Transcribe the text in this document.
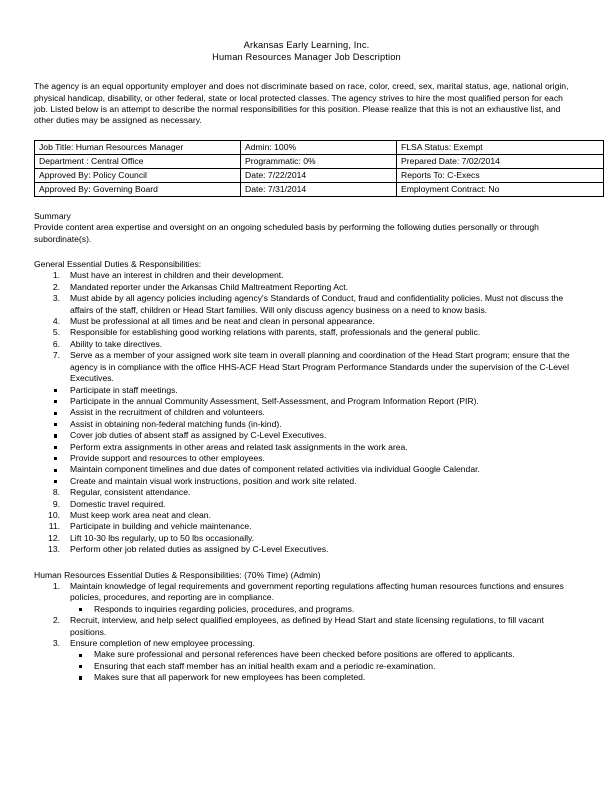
Arkansas Early Learning, Inc.
Human Resources Manager Job Description
The agency is an equal opportunity employer and does not discriminate based on race, color, creed, sex, marital status, age, national origin, physical handicap, disability, or other federal, state or local protected classes. The agency strives to hire the most qualified person for each job. Listed below is an attempt to describe the normal responsibilities for this position. Please realize that this is not an exhaustive list, and other duties may be assigned as necessary.
Job Title: Human Resources Manager	Admin: 100%	FLSA Status: Exempt
Department : Central Office	Programmatic: 0%	Prepared Date: 7/02/2014
Approved By: Policy Council	Date: 7/22/2014	Reports To: C-Execs
Approved By: Governing Board	Date: 7/31/2014	Employment Contract: No
Summary
Provide content area expertise and oversight on an ongoing scheduled basis by performing the following duties personally or through subordinate(s).
General Essential Duties & Responsibilities:
1. Must have an interest in children and their development.
2. Mandated reporter under the Arkansas Child Maltreatment Reporting Act.
3. Must abide by all agency policies including agency's Standards of Conduct, fraud and confidentiality policies. Must not discuss the affairs of the staff, children or Head Start families. Will only discuss agency business on a need to know basis.
4. Must be professional at all times and be neat and clean in personal appearance.
5. Responsible for establishing good working relations with parents, staff, professionals and the general public.
6. Ability to take directives.
7. Serve as a member of your assigned work site team in overall planning and coordination of the Head Start program; ensure that the agency is in compliance with the office HHS-ACF Head Start Program Performance Standards under the supervision of the C-Level Executives.
Participate in staff meetings.
Participate in the annual Community Assessment, Self-Assessment, and Program Information Report (PIR).
Assist in the recruitment of children and volunteers.
Assist in obtaining non-federal matching funds (in-kind).
Cover job duties of absent staff as assigned by C-Level Executives.
Perform extra assignments in other areas and related task assignments in the work area.
Provide support and resources to other employees.
Maintain component timelines and due dates of component related activities via individual Google Calendar.
Create and maintain visual work instructions, position and work site related.
8. Regular, consistent attendance.
9. Domestic travel required.
10. Must keep work area neat and clean.
11. Participate in building and vehicle maintenance.
12. Lift 10-30 lbs regularly, up to 50 lbs occasionally.
13. Perform other job related duties as assigned by C-Level Executives.
Human Resources Essential Duties & Responsibilities: (70% Time) (Admin)
1. Maintain knowledge of legal requirements and government reporting regulations affecting human resources functions and ensures policies, procedures, and reporting are in compliance.
Responds to inquiries regarding policies, procedures, and programs.
2. Recruit, interview, and help select qualified employees, as defined by Head Start and state licensing regulations, to fill vacant positions.
3. Ensure completion of new employee processing.
Make sure professional and personal references have been checked before positions are offered to applicants.
Ensuring that each staff member has an initial health exam and a periodic re-examination.
Makes sure that all paperwork for new employees has been completed.
